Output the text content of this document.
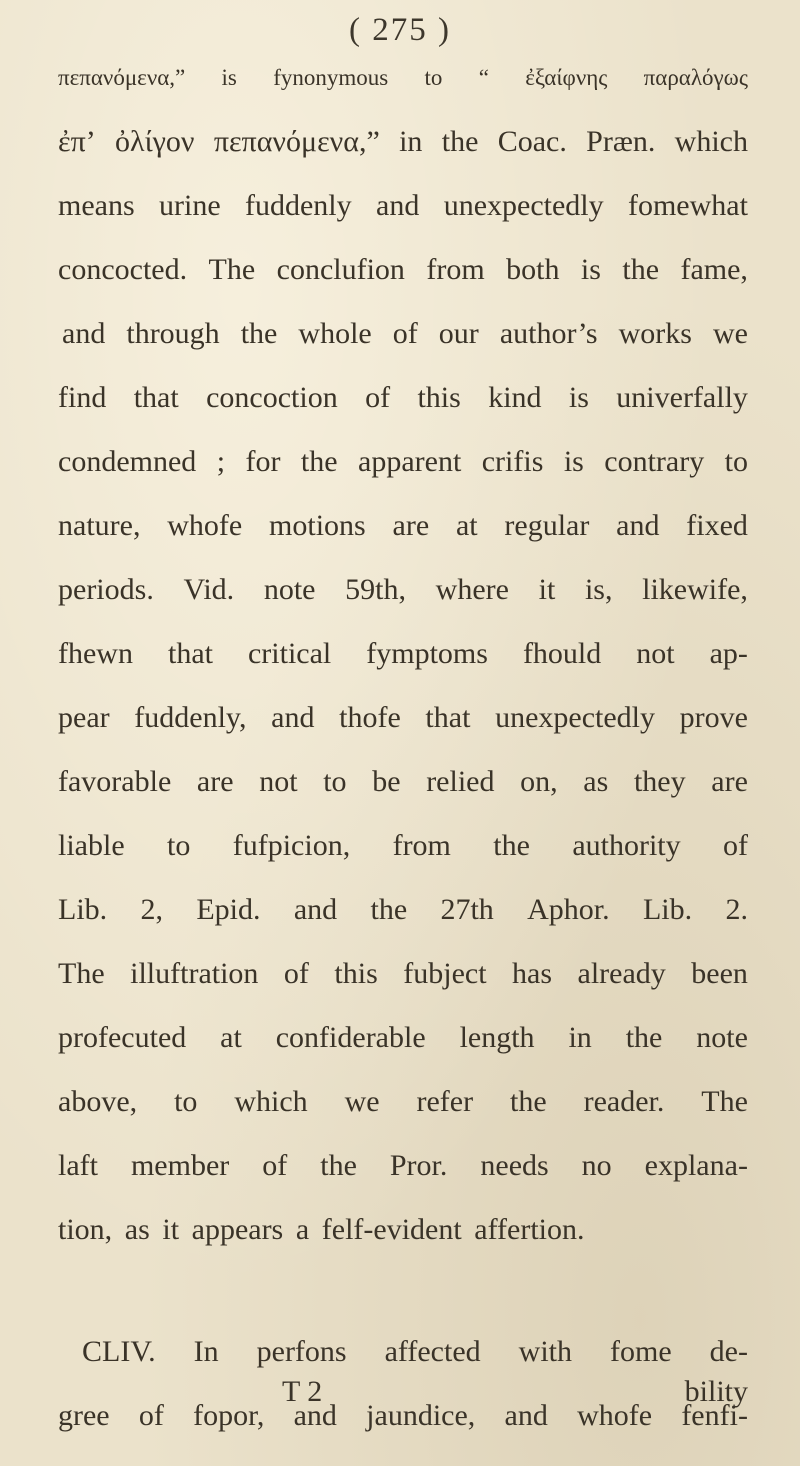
( 275 )
πεπανόμενα,” is fynonymous to “ ἐξαίφνης παραλόγως
ἐπ’ ὀλίγον πεπανόμενα,” in the Coac. Præn. which
means urine fuddenly and unexpectedly fomewhat
concocted. The conclufion from both is the fame,
and through the whole of our author’s works we
find that concoction of this kind is univerfally
condemned ; for the apparent crifis is contrary to
nature, whofe motions are at regular and fixed
periods. Vid. note 59th, where it is, likewife,
fhewn that critical fymptoms fhould not ap-
pear fuddenly, and thofe that unexpectedly prove
favorable are not to be relied on, as they are
liable to fufpicion, from the authority of
Lib. 2, Epid. and the 27th Aphor. Lib. 2.
The illuftration of this fubject has already been
profecuted at confiderable length in the note
above, to which we refer the reader. The
laft member of the Pror. needs no explana-
tion, as it appears a felf-evident affertion.
CLIV. In perfons affected with fome de-
gree of fopor, and jaundice, and whofe fenfi-
T 2	bility
